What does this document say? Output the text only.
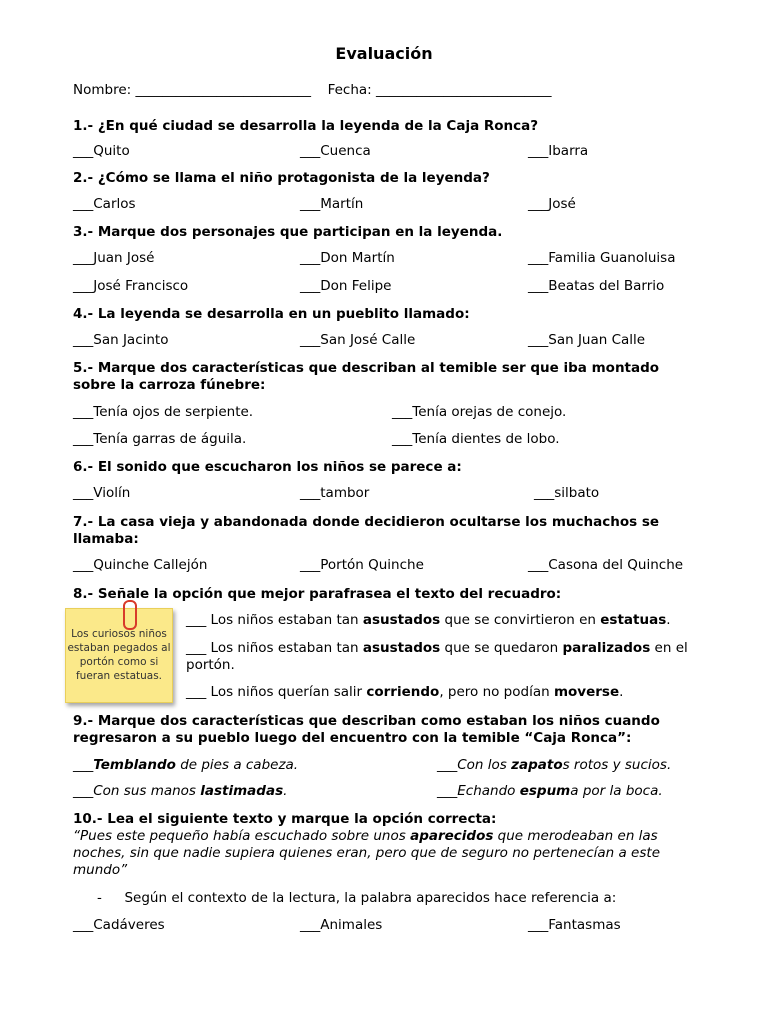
Evaluación
Nombre: __________________________ Fecha: __________________________
1.- ¿En qué ciudad se desarrolla la leyenda de la Caja Ronca?
___Quito	___Cuenca	___Ibarra
2.- ¿Cómo se llama el niño protagonista de la leyenda?
___Carlos	___Martín	___José
3.- Marque dos personajes que participan en la leyenda.
___Juan José	___Don Martín	___Familia Guanoluisa
___José Francisco	___Don Felipe	___Beatas del Barrio
4.- La leyenda se desarrolla en un pueblito llamado:
___San Jacinto	___San José Calle	___San Juan Calle
5.- Marque dos características que describan al temible ser que iba montado sobre la carroza fúnebre:
___Tenía ojos de serpiente.	___Tenía orejas de conejo.
___Tenía garras de águila.	___Tenía dientes de lobo.
6.- El sonido que escucharon los niños se parece a:
___Violín	___tambor	___silbato
7.- La casa vieja y abandonada donde decidieron ocultarse los muchachos se llamaba:
___Quinche Callejón	___Portón Quinche	___Casona del Quinche
8.- Señale la opción que mejor parafrasea el texto del recuadro:
Los curiosos niños estaban pegados al portón como si fueran estatuas.
___ Los niños estaban tan asustados que se convirtieron en estatuas.
___ Los niños estaban tan asustados que se quedaron paralizados en el portón.
___ Los niños querían salir corriendo, pero no podían moverse.
9.- Marque dos características que describan como estaban los niños cuando regresaron a su pueblo luego del encuentro con la temible “Caja Ronca”:
___Temblando de pies a cabeza.	___Con los zapatos rotos y sucios.
___Con sus manos lastimadas.	___Echando espuma por la boca.
10.- Lea el siguiente texto y marque la opción correcta:
“Pues este pequeño había escuchado sobre unos aparecidos que merodeaban en las noches, sin que nadie supiera quienes eran, pero que de seguro no pertenecían a este mundo”
- Según el contexto de la lectura, la palabra aparecidos hace referencia a:
___Cadáveres	___Animales	___Fantasmas
